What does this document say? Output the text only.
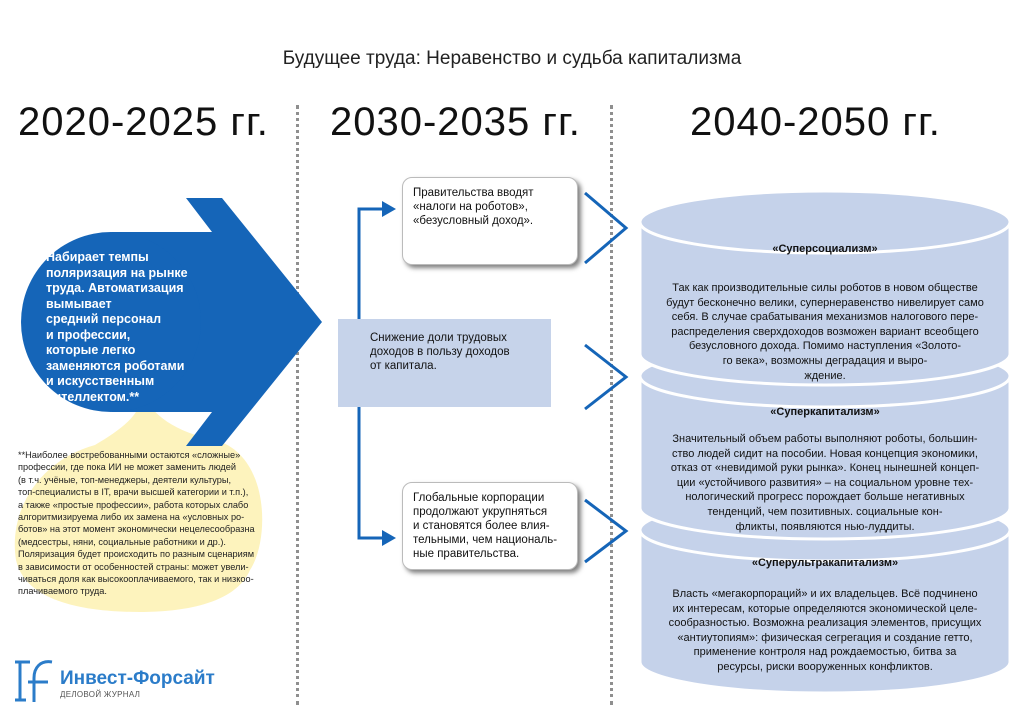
Будущее труда: Неравенство и судьба капитализма
2020-2025 гг. 2030-2035 гг.	2040-2050 гг.
Набирает темпы
поляризация на рынке
труда. Автоматизация
вымывает
средний персонал
и профессии,
которые легко
заменяются роботами
и искусственным
интеллектом.**
**Наиболее востребованными остаются «сложные»
профессии, где пока ИИ не может заменить людей
(в т.ч. учёные, топ-менеджеры, деятели культуры,
топ-специалисты в IT, врачи высшей категории и т.п.),
а также «простые профессии», работа которых слабо
алгоритмизируема либо их замена на «условных ро-
ботов» на этот момент экономически нецелесообразна
(медсестры, няни, социальные работники и др.).
Поляризация будет происходить по разным сценариям
в зависимости от особенностей страны: может увели-
чиваться доля как высокооплачиваемого, так и низкоо-
плачиваемого труда.
Снижение доли трудовых
доходов в пользу доходов
от капитала.
Правительства вводят
«налоги на роботов»,
«безусловный доход».
Глобальные корпорации
продолжают укрупняться
и становятся более влия-
тельными, чем националь-
ные правительства.
«Суперсоциализм»
Так как производительные силы роботов в новом обществе
будут бесконечно велики, супернеравенство нивелирует само
себя. В случае срабатывания механизмов налогового пере-
распределения сверхдоходов возможен вариант всеобщего
безусловного дохода. Помимо наступления «Золото-
го века», возможны деградация и выро-
ждение.
«Суперкапитализм»
Значительный объем работы выполняют роботы, большин-
ство людей сидит на пособии. Новая концепция экономики,
отказ от «невидимой руки рынка». Конец нынешней концеп-
ции «устойчивого развития» – на социальном уровне тех-
нологический прогресс порождает больше негативных
тенденций, чем позитивных. социальные кон-
фликты, появляются нью-луддиты.
«Суперультракапитализм»
Власть «мегакорпораций» и их владельцев. Всё подчинено
их интересам, которые определяются экономической целе-
сообразностью. Возможна реализация элементов, присущих
«антиутопиям»: физическая сегрегация и создание гетто,
применение контроля над рождаемостью, битва за
ресурсы, риски вооруженных конфликтов.
Инвест-Форсайт
ДЕЛОВОЙ ЖУРНАЛ
